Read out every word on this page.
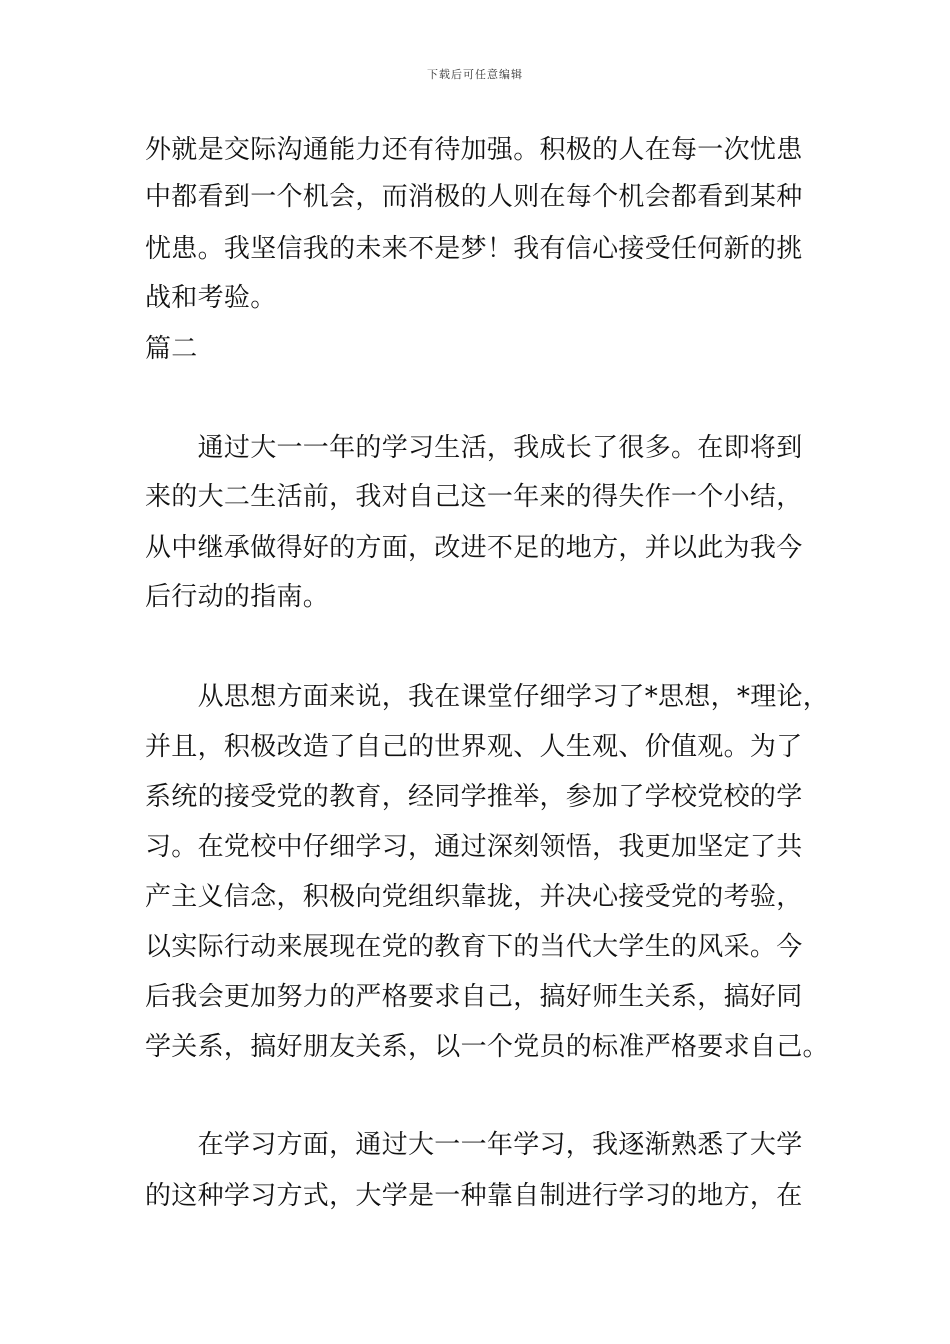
下载后可任意编辑
外就是交际沟通能力还有待加强。积极的人在每一次忧患
中都看到一个机会，而消极的人则在每个机会都看到某种
忧患。我坚信我的未来不是梦！我有信心接受任何新的挑
战和考验。
篇二
　　通过大一一年的学习生活，我成长了很多。在即将到
来的大二生活前，我对自己这一年来的得失作一个小结，
从中继承做得好的方面，改进不足的地方，并以此为我今
后行动的指南。
　　从思想方面来说，我在课堂仔细学习了*思想，*理论，
并且，积极改造了自己的世界观、人生观、价值观。为了
系统的接受党的教育，经同学推举，参加了学校党校的学
习。在党校中仔细学习，通过深刻领悟，我更加坚定了共
产主义信念，积极向党组织靠拢，并决心接受党的考验，
以实际行动来展现在党的教育下的当代大学生的风采。今
后我会更加努力的严格要求自己，搞好师生关系，搞好同
学关系，搞好朋友关系，以一个党员的标准严格要求自己。
　　在学习方面，通过大一一年学习，我逐渐熟悉了大学
的这种学习方式，大学是一种靠自制进行学习的地方，在
